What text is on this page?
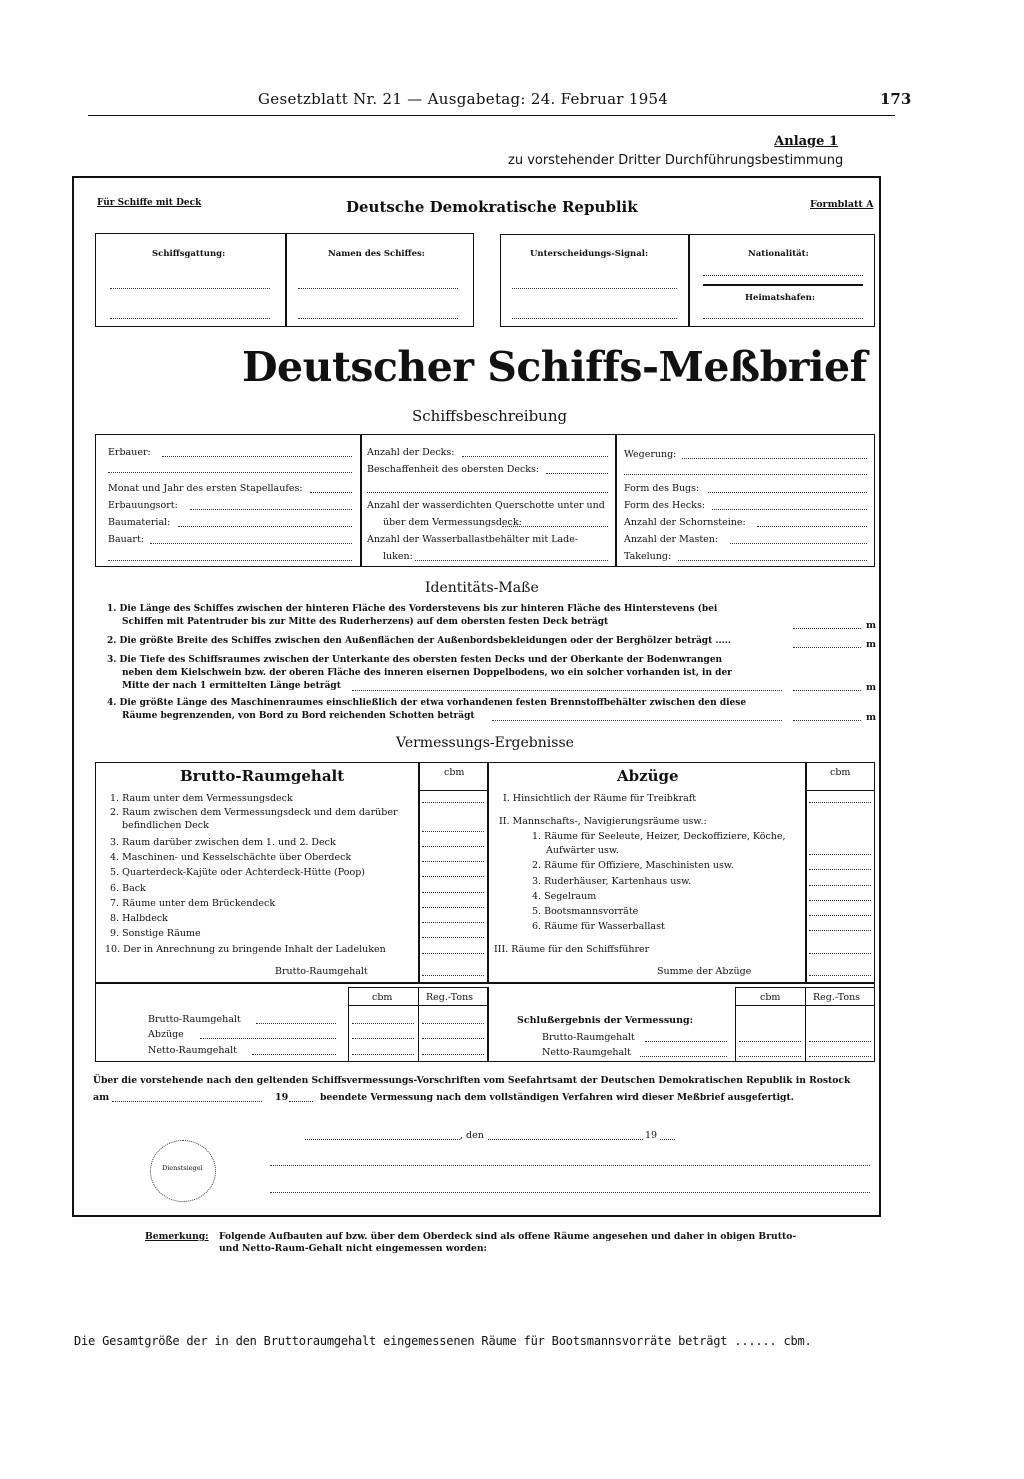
Gesetzblatt Nr. 21 — Ausgabetag: 24. Februar 1954	173
Anlage 1
zu vorstehender Dritter Durchführungsbestimmung
Für Schiffe mit Deck	Deutsche Demokratische Republik	Formblatt A
Schiffsgattung:	Namen des Schiffes:	Unterscheidungs-Signal:	Nationalität:
Heimatshafen:
Deutscher Schiffs-Meßbrief
Schiffsbeschreibung
Erbauer:
Monat und Jahr des ersten Stapellaufes:
Erbauungsort:
Baumaterial:
Bauart:
Anzahl der Decks:
Beschaffenheit des obersten Decks:
Anzahl der wasserdichten Querschotte unter und
über dem Vermessungsdeck:
Anzahl der Wasserballastbehälter mit Lade-
luken:
Wegerung:
Form des Bugs:
Form des Hecks:
Anzahl der Schornsteine:
Anzahl der Masten:
Takelung:
Identitäts-Maße
1. Die Länge des Schiffes zwischen der hinteren Fläche des Vorderstevens bis zur hinteren Fläche des Hinterstevens (bei
Schiffen mit Patentruder bis zur Mitte des Ruderherzens) auf dem obersten festen Deck beträgt	m
2. Die größte Breite des Schiffes zwischen den Außenflächen der Außenbordsbekleidungen oder der Berghölzer beträgt .....	m
3. Die Tiefe des Schiffsraumes zwischen der Unterkante des obersten festen Decks und der Oberkante der Bodenwrangen
neben dem Kielschwein bzw. der oberen Fläche des inneren eisernen Doppelbodens, wo ein solcher vorhanden ist, in der
Mitte der nach 1 ermittelten Länge beträgt	m
4. Die größte Länge des Maschinenraumes einschließlich der etwa vorhandenen festen Brennstoffbehälter zwischen den diese
Räume begrenzenden, von Bord zu Bord reichenden Schotten beträgt	m
Vermessungs-Ergebnisse
Brutto-Raumgehalt	cbm	Abzüge	cbm
1. Raum unter dem Vermessungsdeck
2. Raum zwischen dem Vermessungsdeck und dem darüber
befindlichen Deck
3. Raum darüber zwischen dem 1. und 2. Deck
4. Maschinen- und Kesselschächte über Oberdeck
5. Quarterdeck-Kajüte oder Achterdeck-Hütte (Poop)
6. Back
7. Räume unter dem Brückendeck
8. Halbdeck
9. Sonstige Räume
10. Der in Anrechnung zu bringende Inhalt der Ladeluken
Brutto-Raumgehalt
I. Hinsichtlich der Räume für Treibkraft
II. Mannschafts-, Navigierungsräume usw.:
1. Räume für Seeleute, Heizer, Deckoffiziere, Köche,
Aufwärter usw.
2. Räume für Offiziere, Maschinisten usw.
3. Ruderhäuser, Kartenhaus usw.
4. Segelraum
5. Bootsmannsvorräte
6. Räume für Wasserballast
III. Räume für den Schiffsführer
Summe der Abzüge
cbm	Reg.-Tons	cbm	Reg.-Tons
Brutto-Raumgehalt
Abzüge
Netto-Raumgehalt
Schlußergebnis der Vermessung:
Brutto-Raumgehalt
Netto-Raumgehalt
Über die vorstehende nach den geltenden Schiffsvermessungs-Vorschriften vom Seefahrtsamt der Deutschen Demokratischen Republik in Rostock
am	19	beendete Vermessung nach dem vollständigen Verfahren wird dieser Meßbrief ausgefertigt.
, den	19
Dienstsiegel
Bemerkung: Folgende Aufbauten auf bzw. über dem Oberdeck sind als offene Räume angesehen und daher in obigen Brutto-
und Netto-Raum-Gehalt nicht eingemessen worden:
Die Gesamtgröße der in den Bruttoraumgehalt eingemessenen Räume für Bootsmannsvorräte beträgt ...... cbm.
